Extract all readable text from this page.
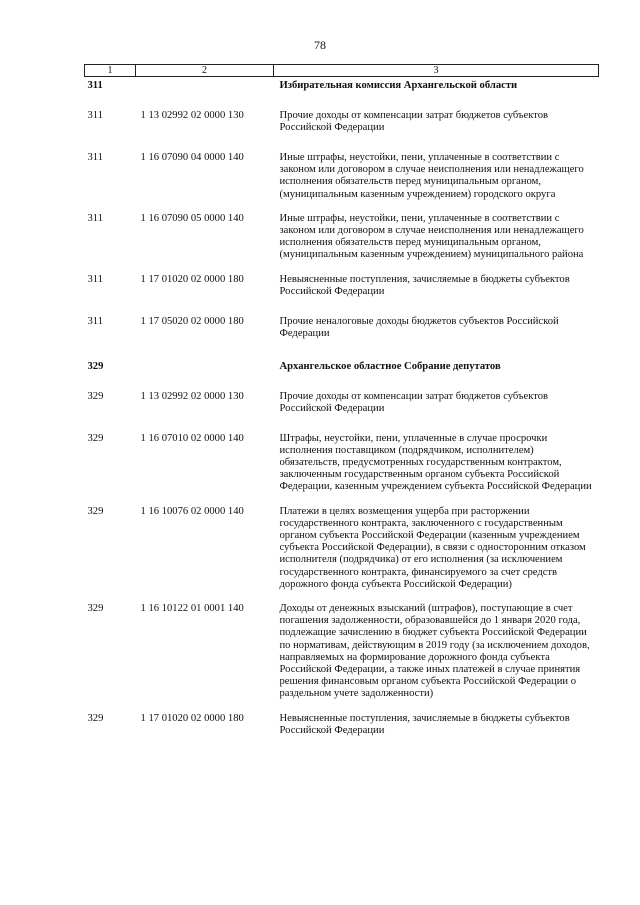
78
1	2	3
311		Избирательная комиссия Архангельской области
311	1 13 02992 02 0000 130	Прочие доходы от компенсации затрат бюджетов субъектов Российской Федерации
311	1 16 07090 04 0000 140	Иные штрафы, неустойки, пени, уплаченные в соответствии с законом или договором в случае неисполнения или ненадлежащего исполнения обязательств перед муниципальным органом, (муниципальным казенным учреждением) городского округа
311	1 16 07090 05 0000 140	Иные штрафы, неустойки, пени, уплаченные в соответствии с законом или договором в случае неисполнения или ненадлежащего исполнения обязательств перед муниципальным органом, (муниципальным казенным учреждением) муниципального района
311	1 17 01020 02 0000 180	Невыясненные поступления, зачисляемые в бюджеты субъектов Российской Федерации
311	1 17 05020 02 0000 180	Прочие неналоговые доходы бюджетов субъектов Российской Федерации
329		Архангельское областное Собрание депутатов
329	1 13 02992 02 0000 130	Прочие доходы от компенсации затрат бюджетов субъектов Российской Федерации
329	1 16 07010 02 0000 140	Штрафы, неустойки, пени, уплаченные в случае просрочки исполнения поставщиком (подрядчиком, исполнителем) обязательств, предусмотренных государственным контрактом, заключенным государственным органом субъекта Российской Федерации, казенным учреждением субъекта Российской Федерации
329	1 16 10076 02 0000 140	Платежи в целях возмещения ущерба при расторжении государственного контракта, заключенного с государственным органом субъекта Российской Федерации (казенным учреждением субъекта Российской Федерации), в связи с односторонним отказом исполнителя (подрядчика) от его исполнения (за исключением государственного контракта, финансируемого за счет средств дорожного фонда субъекта Российской Федерации)
329	1 16 10122 01 0001 140	Доходы от денежных взысканий (штрафов), поступающие в счет погашения задолженности, образовавшейся до 1 января 2020 года, подлежащие зачислению в бюджет субъекта Российской Федерации по нормативам, действующим в 2019 году (за исключением доходов, направляемых на формирование дорожного фонда субъекта Российской Федерации, а также иных платежей в случае принятия решения финансовым органом субъекта Российской Федерации о раздельном учете задолженности)
329	1 17 01020 02 0000 180	Невыясненные поступления, зачисляемые в бюджеты субъектов Российской Федерации
